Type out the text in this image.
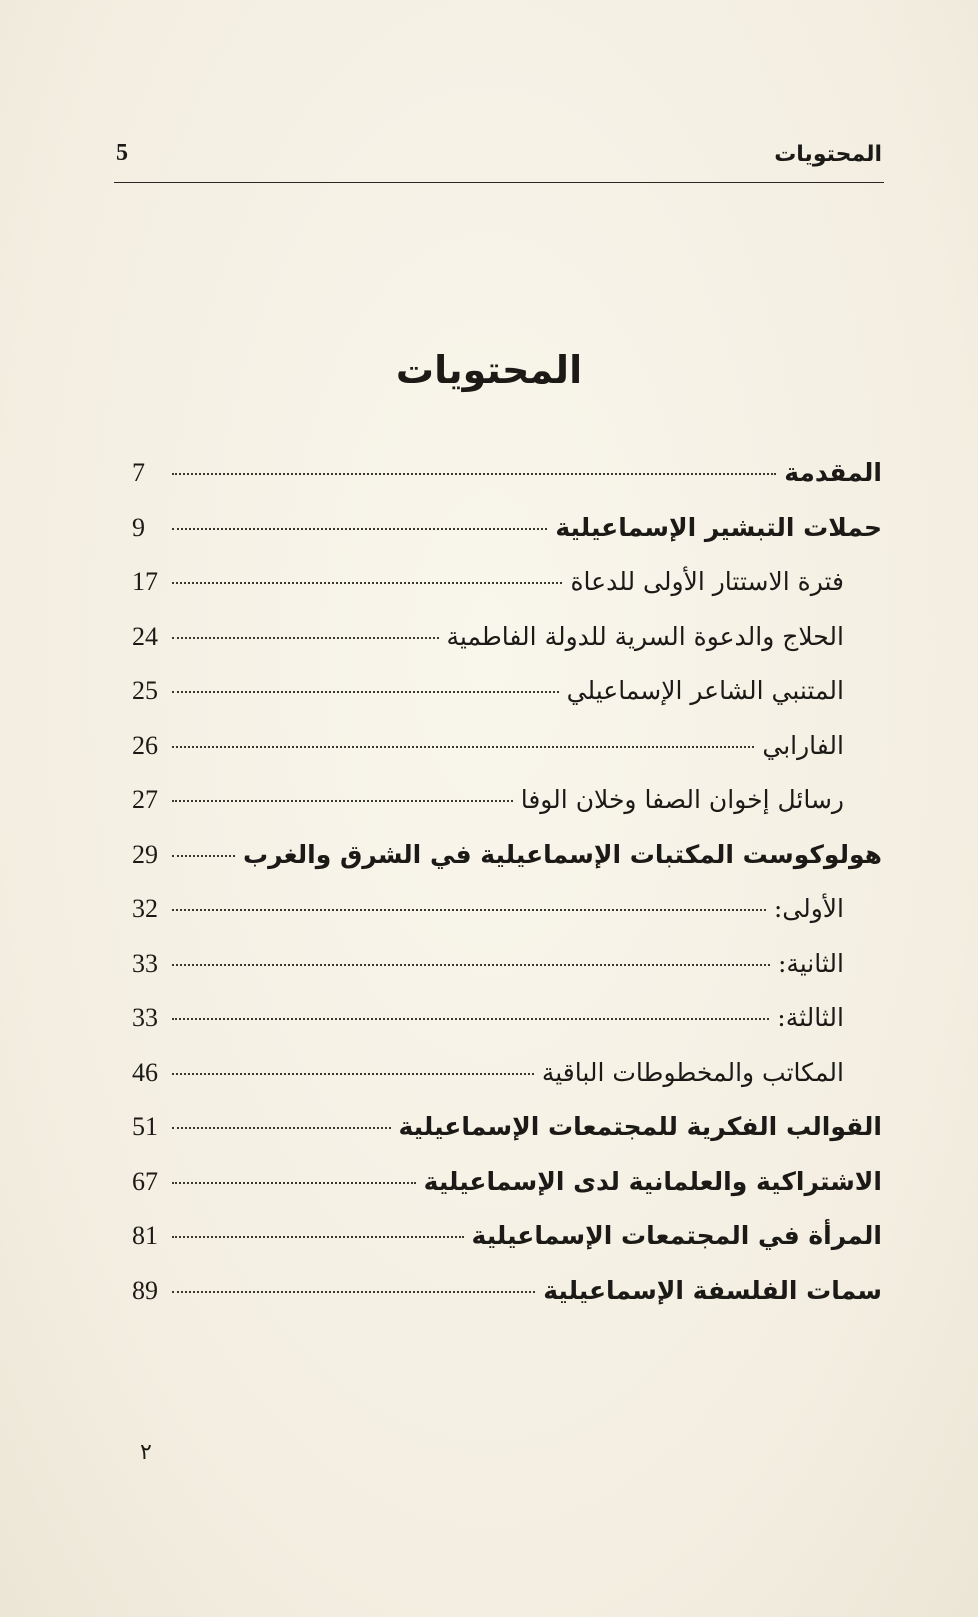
المحتويات
5
المحتويات
المقدمة
7
حملات التبشير الإسماعيلية
9
فترة الاستتار الأولى للدعاة
17
الحلاج والدعوة السرية للدولة الفاطمية
24
المتنبي الشاعر الإسماعيلي
25
الفارابي
26
رسائل إخوان الصفا وخلان الوفا
27
هولوكوست المكتبات الإسماعيلية في الشرق والغرب
29
الأولى:
32
الثانية:
33
الثالثة:
33
المكاتب والمخطوطات الباقية
46
القوالب الفكرية للمجتمعات الإسماعيلية
51
الاشتراكية والعلمانية لدى الإسماعيلية
67
المرأة في المجتمعات الإسماعيلية
81
سمات الفلسفة الإسماعيلية
89
٢
